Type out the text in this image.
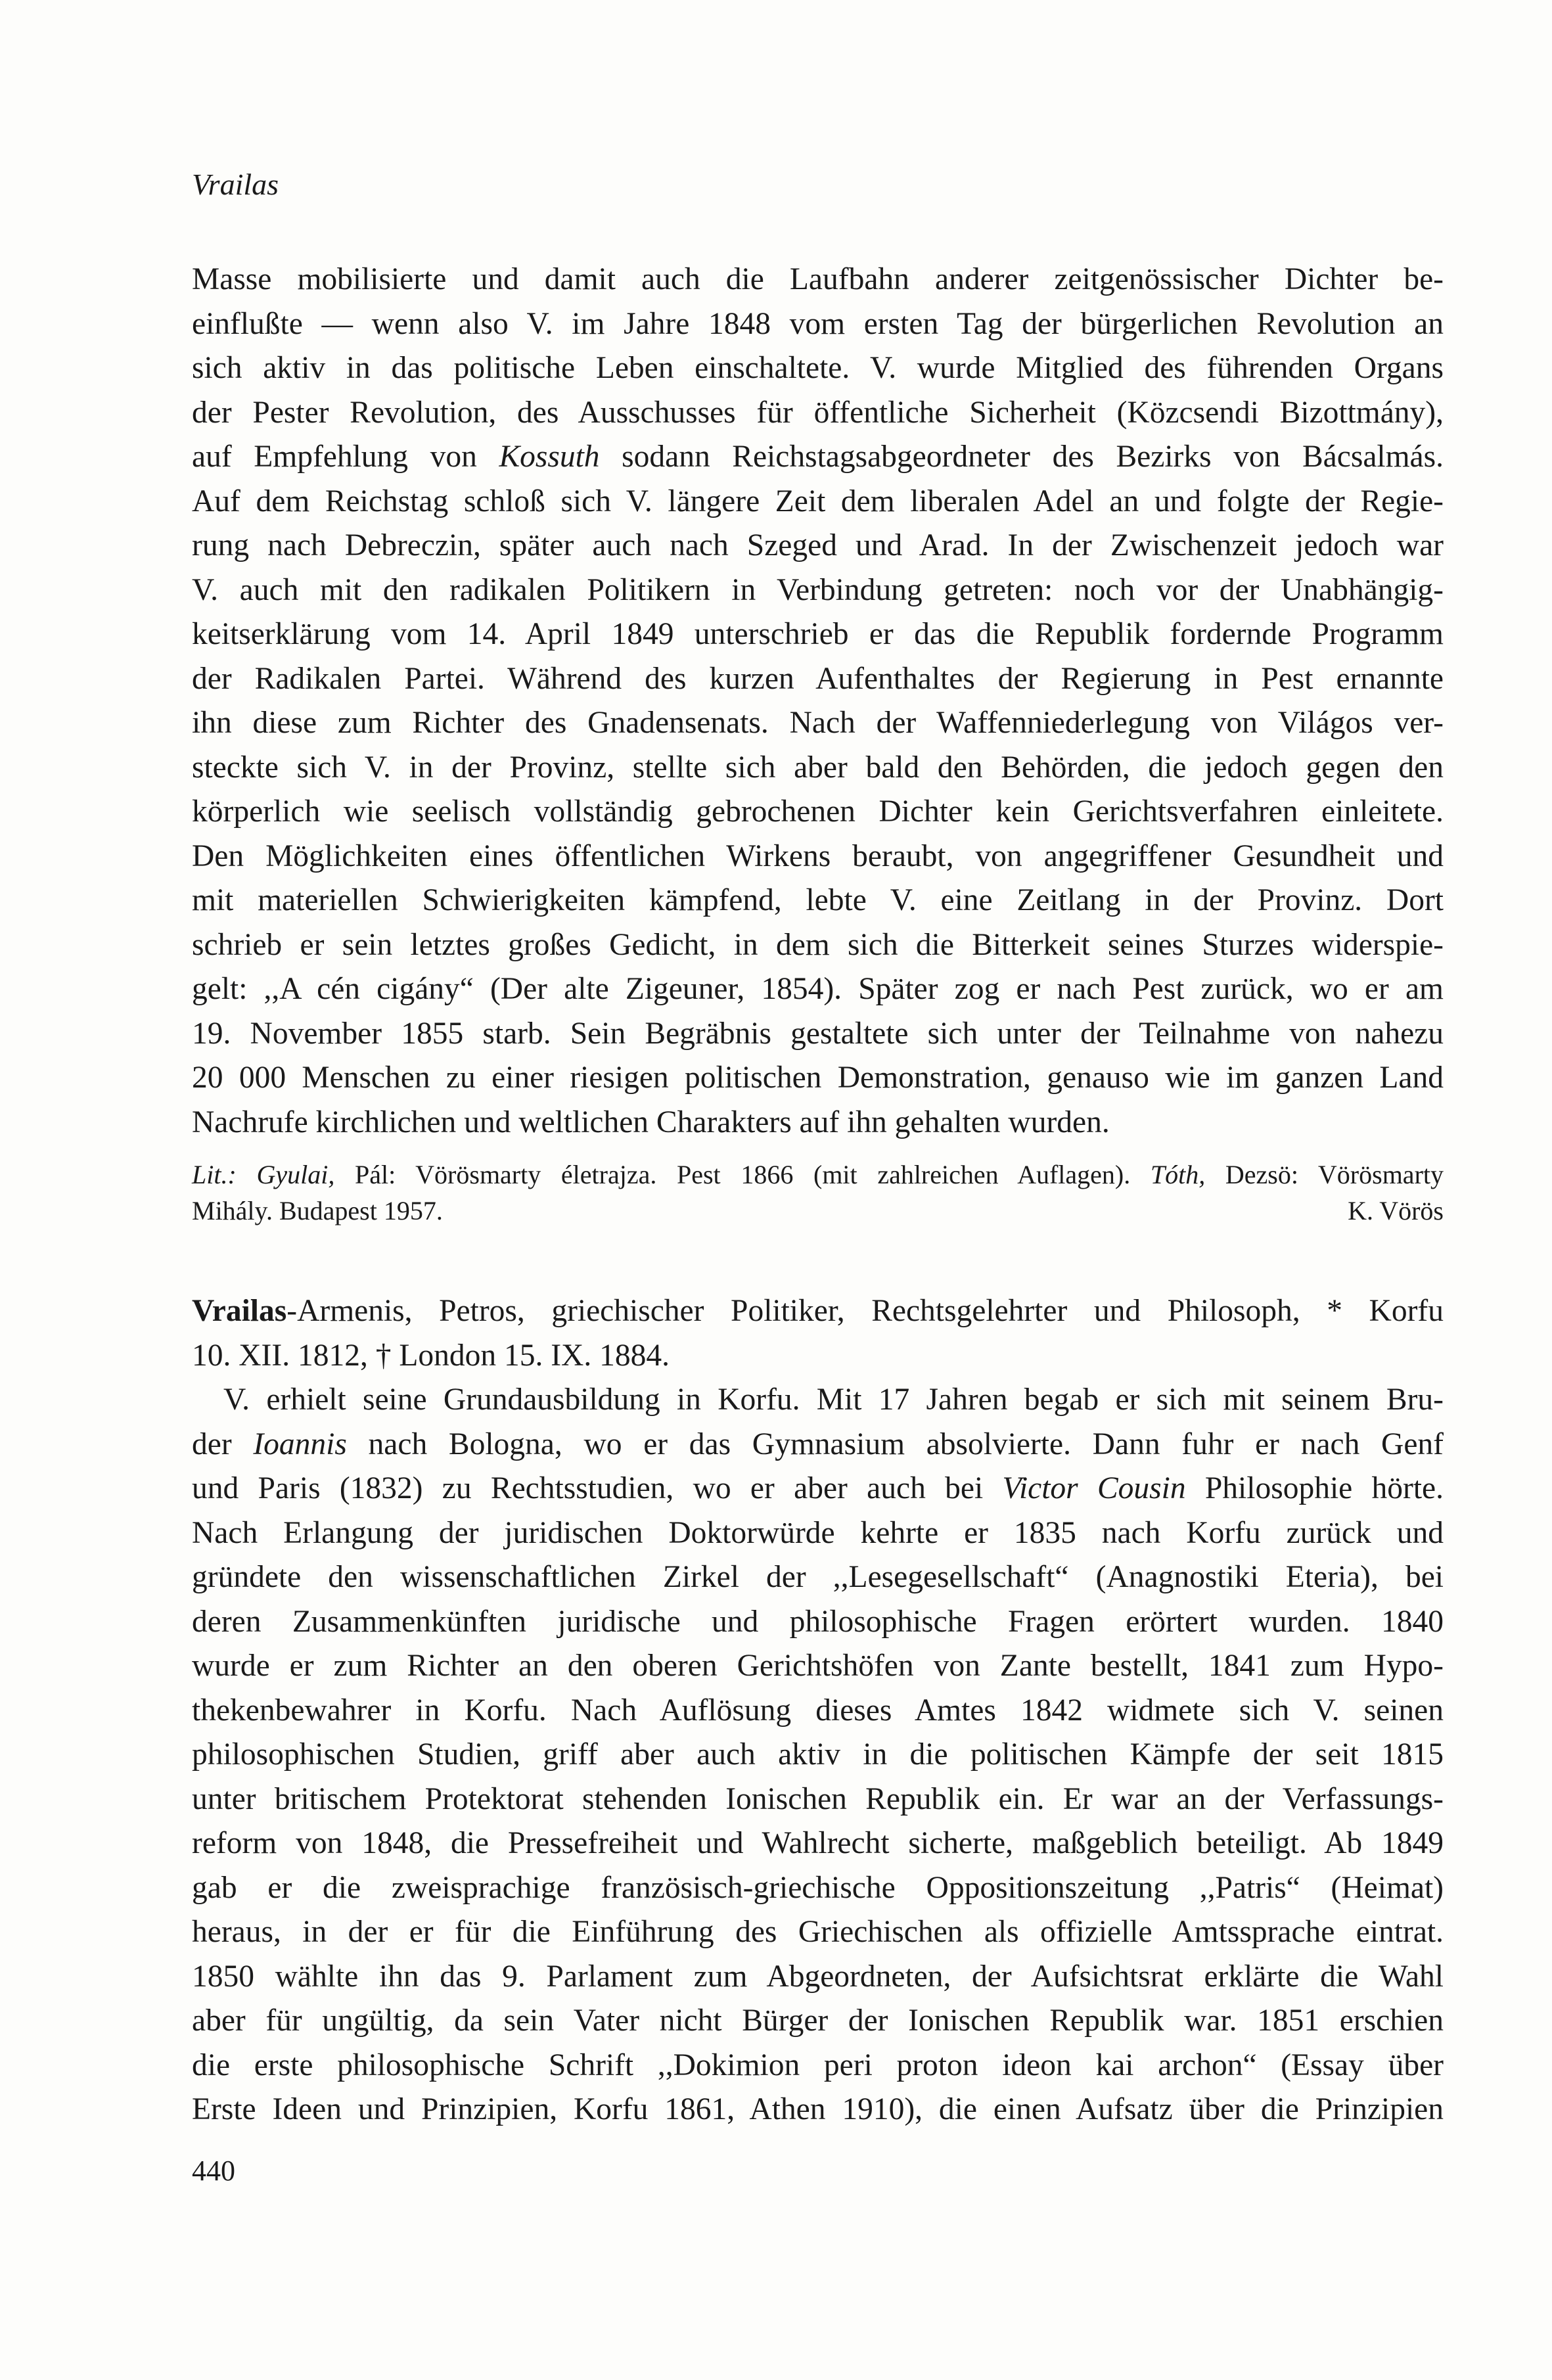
Vrailas
Masse mobilisierte und damit auch die Laufbahn anderer zeitgenössischer Dichter be-
einflußte — wenn also V. im Jahre 1848 vom ersten Tag der bürgerlichen Revolution an
sich aktiv in das politische Leben einschaltete. V. wurde Mitglied des führenden Organs
der Pester Revolution, des Ausschusses für öffentliche Sicherheit (Közcsendi Bizottmány),
auf Empfehlung von Kossuth sodann Reichstagsabgeordneter des Bezirks von Bácsalmás.
Auf dem Reichstag schloß sich V. längere Zeit dem liberalen Adel an und folgte der Regie-
rung nach Debreczin, später auch nach Szeged und Arad. In der Zwischenzeit jedoch war
V. auch mit den radikalen Politikern in Verbindung getreten: noch vor der Unabhängig-
keitserklärung vom 14. April 1849 unterschrieb er das die Republik fordernde Programm
der Radikalen Partei. Während des kurzen Aufenthaltes der Regierung in Pest ernannte
ihn diese zum Richter des Gnadensenats. Nach der Waffenniederlegung von Világos ver-
steckte sich V. in der Provinz, stellte sich aber bald den Behörden, die jedoch gegen den
körperlich wie seelisch vollständig gebrochenen Dichter kein Gerichtsverfahren einleitete.
Den Möglichkeiten eines öffentlichen Wirkens beraubt, von angegriffener Gesundheit und
mit materiellen Schwierigkeiten kämpfend, lebte V. eine Zeitlang in der Provinz. Dort
schrieb er sein letztes großes Gedicht, in dem sich die Bitterkeit seines Sturzes widerspie-
gelt: ,,A cén cigány“ (Der alte Zigeuner, 1854). Später zog er nach Pest zurück, wo er am
19. November 1855 starb. Sein Begräbnis gestaltete sich unter der Teilnahme von nahezu
20 000 Menschen zu einer riesigen politischen Demonstration, genauso wie im ganzen Land
Nachrufe kirchlichen und weltlichen Charakters auf ihn gehalten wurden.
Lit.: Gyulai, Pál: Vörösmarty életrajza. Pest 1866 (mit zahlreichen Auflagen). Tóth, Dezsö: Vörösmarty
Mihály. Budapest 1957.	K. Vörös
Vrailas-Armenis, Petros, griechischer Politiker, Rechtsgelehrter und Philosoph, * Korfu
10. XII. 1812, † London 15. IX. 1884.
V. erhielt seine Grundausbildung in Korfu. Mit 17 Jahren begab er sich mit seinem Bru-
der Ioannis nach Bologna, wo er das Gymnasium absolvierte. Dann fuhr er nach Genf
und Paris (1832) zu Rechtsstudien, wo er aber auch bei Victor Cousin Philosophie hörte.
Nach Erlangung der juridischen Doktorwürde kehrte er 1835 nach Korfu zurück und
gründete den wissenschaftlichen Zirkel der ,,Lesegesellschaft“ (Anagnostiki Eteria), bei
deren Zusammenkünften juridische und philosophische Fragen erörtert wurden. 1840
wurde er zum Richter an den oberen Gerichtshöfen von Zante bestellt, 1841 zum Hypo-
thekenbewahrer in Korfu. Nach Auflösung dieses Amtes 1842 widmete sich V. seinen
philosophischen Studien, griff aber auch aktiv in die politischen Kämpfe der seit 1815
unter britischem Protektorat stehenden Ionischen Republik ein. Er war an der Verfassungs-
reform von 1848, die Pressefreiheit und Wahlrecht sicherte, maßgeblich beteiligt. Ab 1849
gab er die zweisprachige französisch-griechische Oppositionszeitung ,,Patris“ (Heimat)
heraus, in der er für die Einführung des Griechischen als offizielle Amtssprache eintrat.
1850 wählte ihn das 9. Parlament zum Abgeordneten, der Aufsichtsrat erklärte die Wahl
aber für ungültig, da sein Vater nicht Bürger der Ionischen Republik war. 1851 erschien
die erste philosophische Schrift ,,Dokimion peri proton ideon kai archon“ (Essay über
Erste Ideen und Prinzipien, Korfu 1861, Athen 1910), die einen Aufsatz über die Prinzipien
440
